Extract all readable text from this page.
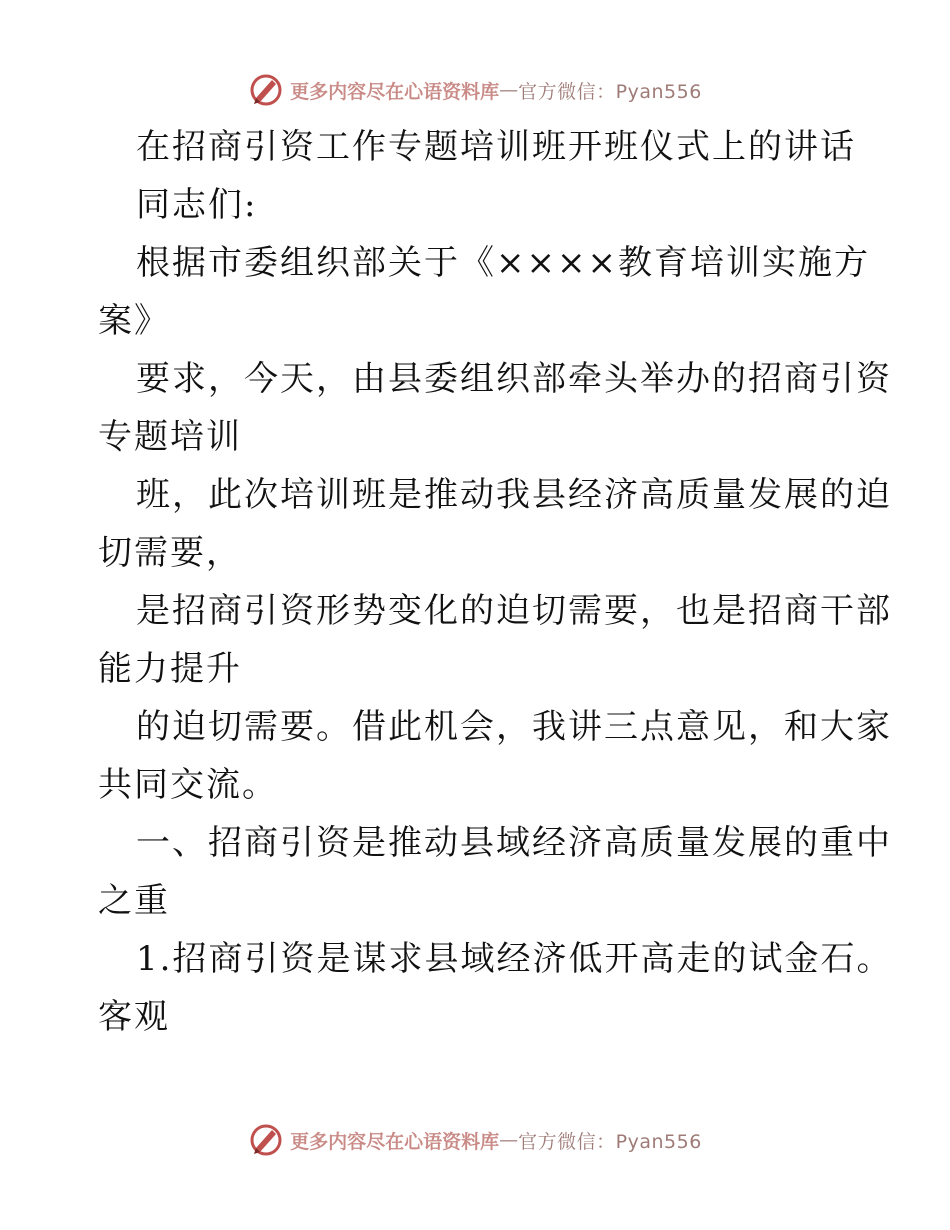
更多内容尽在心语资料库 — 官方微信：Pyan556
在招商引资工作专题培训班开班仪式上的讲话
同志们:
根据市委组织部关于《××××教育培训实施方
案》
要求，今天，由县委组织部牵头举办的招商引资
专题培训
班，此次培训班是推动我县经济高质量发展的迫
切需要，
是招商引资形势变化的迫切需要，也是招商干部
能力提升
的迫切需要。借此机会，我讲三点意见，和大家
共同交流。
一、招商引资是推动县域经济高质量发展的重中
之重
1.招商引资是谋求县域经济低开高走的试金石。
客观
更多内容尽在心语资料库 — 官方微信：Pyan556
